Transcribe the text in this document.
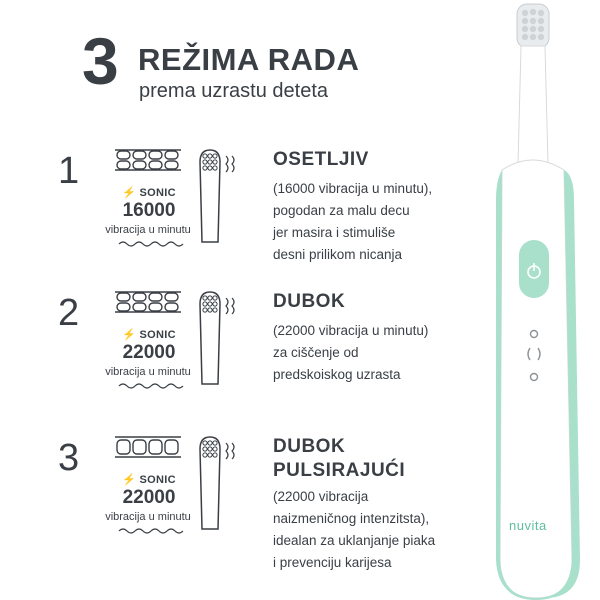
3 REŽIMA RADA
prema uzrastu deteta
1
⚡ SONIC
16000
vibracija u minutu
OSETLJIV
(16000 vibracija u minutu),
pogodan za malu decu
jer masira i stimuliše
desni prilikom nicanja
2
⚡ SONIC
22000
vibracija u minutu
DUBOK
(22000 vibracija u minutu)
za ciščenje od
predskoiskog uzrasta
3
⚡ SONIC
22000
vibracija u minutu
DUBOK
PULSIRAJUĆI
(22000 vibracija
naizmeničnog intenzitsta),
idealan za uklanjanje piaka
i prevenciju karijesa
nuvita
